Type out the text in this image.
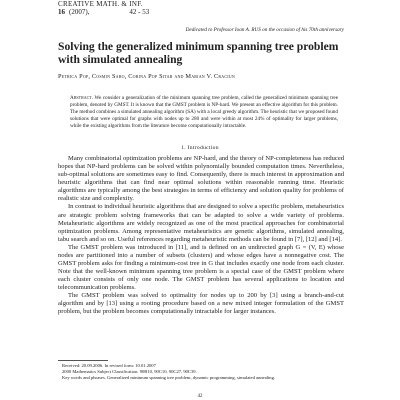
CREATIVE MATH. & INF.
16 (2007),	42 - 53
Dedicated to Professor Ioan A. RUS on the occasion of his 70th anniversary
Solving the generalized minimum spanning tree problem with simulated annealing
Petrica Pop, Cosmin Sabo, Corina Pop Sitar and Marian V. Craciun

Abstract. We consider a generalization of the minimum spanning tree problem, called the generalized minimum spanning tree problem, denoted by GMST. It is known that the GMST problem is NP-hard. We present an effective algorithm for this problem. The method combines a simulated annealing algorithm (SA) with a local greedy algorithm. The heuristic that we proposed found solutions that were optimal for graphs with nodes up to 280 and were within at most 24% of optimality for larger problems, while the existing algorithms from the literature become computationally intractable.

1. Introduction

Many combinatorial optimization problems are NP-hard, and the theory of NP-completeness has reduced hopes that NP-hard problems can be solved within polynomially bounded computation times. Nevertheless, sub-optimal solutions are sometimes easy to find. Consequently, there is much interest in approximation and heuristic algorithms that can find near optimal solutions within reasonable running time. Heuristic algorithms are typically among the best strategies in terms of efficiency and solution quality for problems of realistic size and complexity.

In contrast to individual heuristic algorithms that are designed to solve a specific problem, metaheuristics are strategic problem solving frameworks that can be adapted to solve a wide variety of problems. Metaheuristic algorithms are widely recognized as one of the most practical approaches for combinatorial optimization problems. Among representative metaheuristics are genetic algorithms, simulated annealing, tabu search and so on. Useful references regarding metaheuristic methods can be found in [7], [12] and [14].

The GMST problem was introduced in [11], and is defined on an undirected graph G = (V, E) whose nodes are partitioned into a number of subsets (clusters) and whose edges have a nonnegative cost. The GMST problem asks for finding a minimum-cost tree in G that includes exactly one node from each cluster. Note that the well-known minimum spanning tree problem is a special case of the GMST problem where each cluster consists of only one node. The GMST problem has several applications to location and telecommunication problems.

The GMST problem was solved to optimality for nodes up to 200 by [3] using a branch-and-cut algorithm and by [13] using a rooting procedure based on a new mixed integer formulation of the GMST problem, but the problem becomes computationally intractable for larger instances.

Received: 20.09.2006. In revised form: 10.01.2007
2000 Mathematics Subject Classification. 90B10, 90C10, 90C27, 90C39.
Key words and phrases. Generalized minimum spanning tree problem, dynamic programming, simulated annealing.
42
